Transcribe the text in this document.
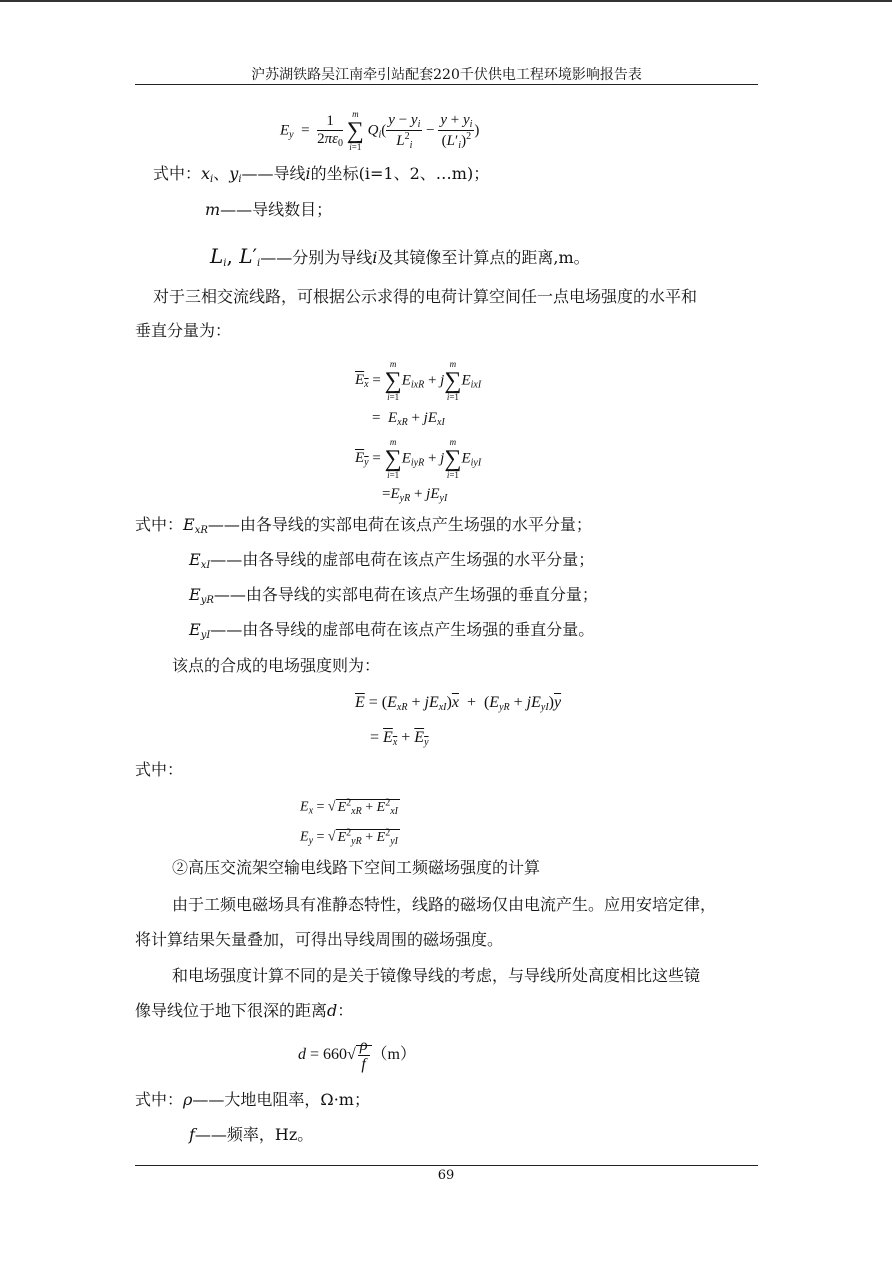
沪苏湖铁路吴江南牵引站配套220千伏供电工程环境影响报告表
$E_y = \frac{1}{2\pi\varepsilon_0}$
	m
∑
i=1
$Q_i( \frac{y - y_i}{L^2_i} - \frac{y + y_i}{(L'_i)^2}$ )
式中：$x_i$、$y_i——$导线i的坐标(i=1、2、…m)；
m——导线数目；
$L_i$, $L'_i——$分别为导线i及其镜像至计算点的距离,m。
对于三相交流线路，可根据公示求得的电荷计算空间任一点电场强度的水平和
垂直分量为：
$E_x$ =
m
∑
i=1
$E_{ixR} + j$
m
∑
i=1
$E_{ixI}$
=  $E_{xR} + jE_{xI}$
$E_y$ =
m
∑
i=1
$E_{iyR} + j$
m
∑
i=1
$E_{iyI}$
$=E_{yR} + jE_{yI}$
式中：$E_{xR}——$由各导线的实部电荷在该点产生场强的水平分量；
$E_{xI}——$由各导线的虚部电荷在该点产生场强的水平分量；
$E_{yR}——$由各导线的实部电荷在该点产生场强的垂直分量；
$E_{yI}——$由各导线的虚部电荷在该点产生场强的垂直分量。
该点的合成的电场强度则为：
$\overline{E} = (E_{xR} + jE_{xI})\overline{x} + (E_{yR} + jE_{yI})\overline{y}$
= $E_x + E_y$
式中：
$E_x$ = √ $E^2_{xR} + E^2_{xI}$
$E_y$ = √ $E^2_{yR} + E^2_{yI}$
②高压交流架空输电线路下空间工频磁场强度的计算
由于工频电磁场具有准静态特性，线路的磁场仅由电流产生。应用安培定律，
将计算结果矢量叠加，可得出导线周围的磁场强度。
和电场强度计算不同的是关于镜像导线的考虑，与导线所处高度相比这些镜
像导线位于地下很深的距离d：
$d = 660√ \frac{\rho}{f} (m)$
式中：ρ——大地电阻率，Ω·m；
f——频率，Hz。
69
